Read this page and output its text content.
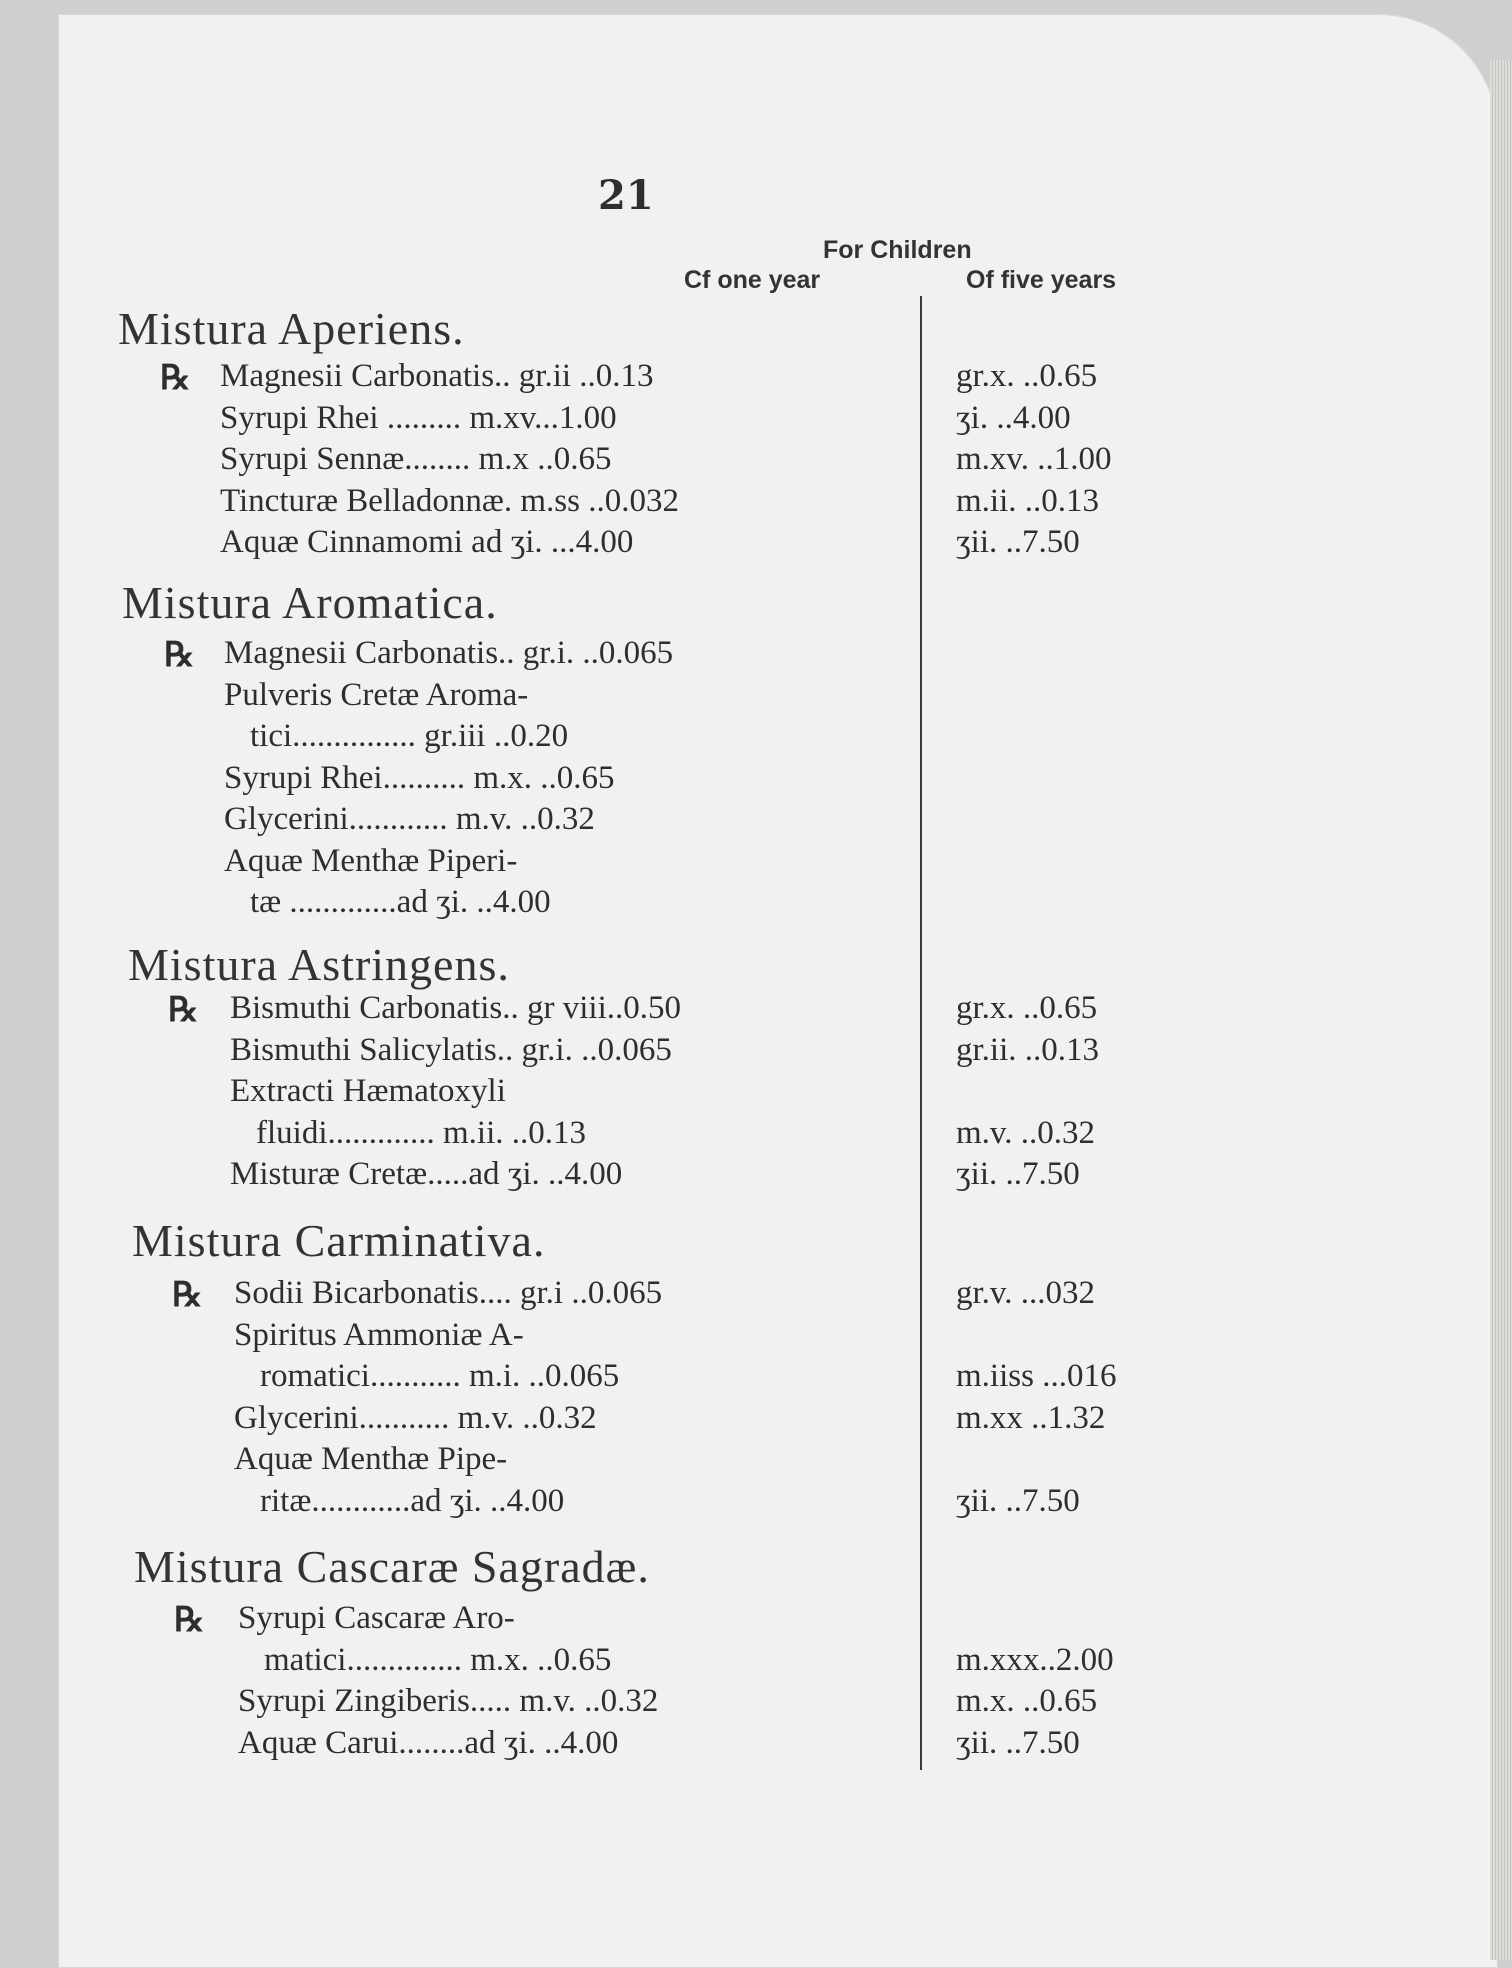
21
For Children
Cf one year	Of five years
Mistura Aperiens.
℞ Magnesii Carbonatis.. gr.ii ..0.13	gr.x. ..0.65
Syrupi Rhei ......... m.xv...1.00	ʒi. ..4.00
Syrupi Sennæ........ m.x ..0.65	m.xv. ..1.00
Tincturæ Belladonnæ. m.ss ..0.032	m.ii. ..0.13
Aquæ Cinnamomi ad ʒi. ...4.00	ʒii. ..7.50
Mistura Aromatica.
℞ Magnesii Carbonatis.. gr.i. ..0.065
Pulveris Cretæ Aroma-
tici............... gr.iii ..0.20
Syrupi Rhei.......... m.x. ..0.65
Glycerini............ m.v. ..0.32
Aquæ Menthæ Piperi-
tæ .............ad ʒi. ..4.00
Mistura Astringens.
℞ Bismuthi Carbonatis.. gr viii..0.50	gr.x. ..0.65
Bismuthi Salicylatis.. gr.i. ..0.065	gr.ii. ..0.13
Extracti Hæmatoxyli
fluidi............. m.ii. ..0.13	m.v. ..0.32
Misturæ Cretæ.....ad ʒi. ..4.00	ʒii. ..7.50
Mistura Carminativa.
℞ Sodii Bicarbonatis.... gr.i ..0.065	gr.v. ...032
Spiritus Ammoniæ A-
romatici........... m.i. ..0.065	m.iiss ...016
Glycerini........... m.v. ..0.32	m.xx ..1.32
Aquæ Menthæ Pipe-
ritæ............ad ʒi. ..4.00	ʒii. ..7.50
Mistura Cascaræ Sagradæ.
℞ Syrupi Cascaræ Aro-
matici.............. m.x. ..0.65	m.xxx..2.00
Syrupi Zingiberis..... m.v. ..0.32	m.x. ..0.65
Aquæ Carui........ad ʒi. ..4.00	ʒii. ..7.50
